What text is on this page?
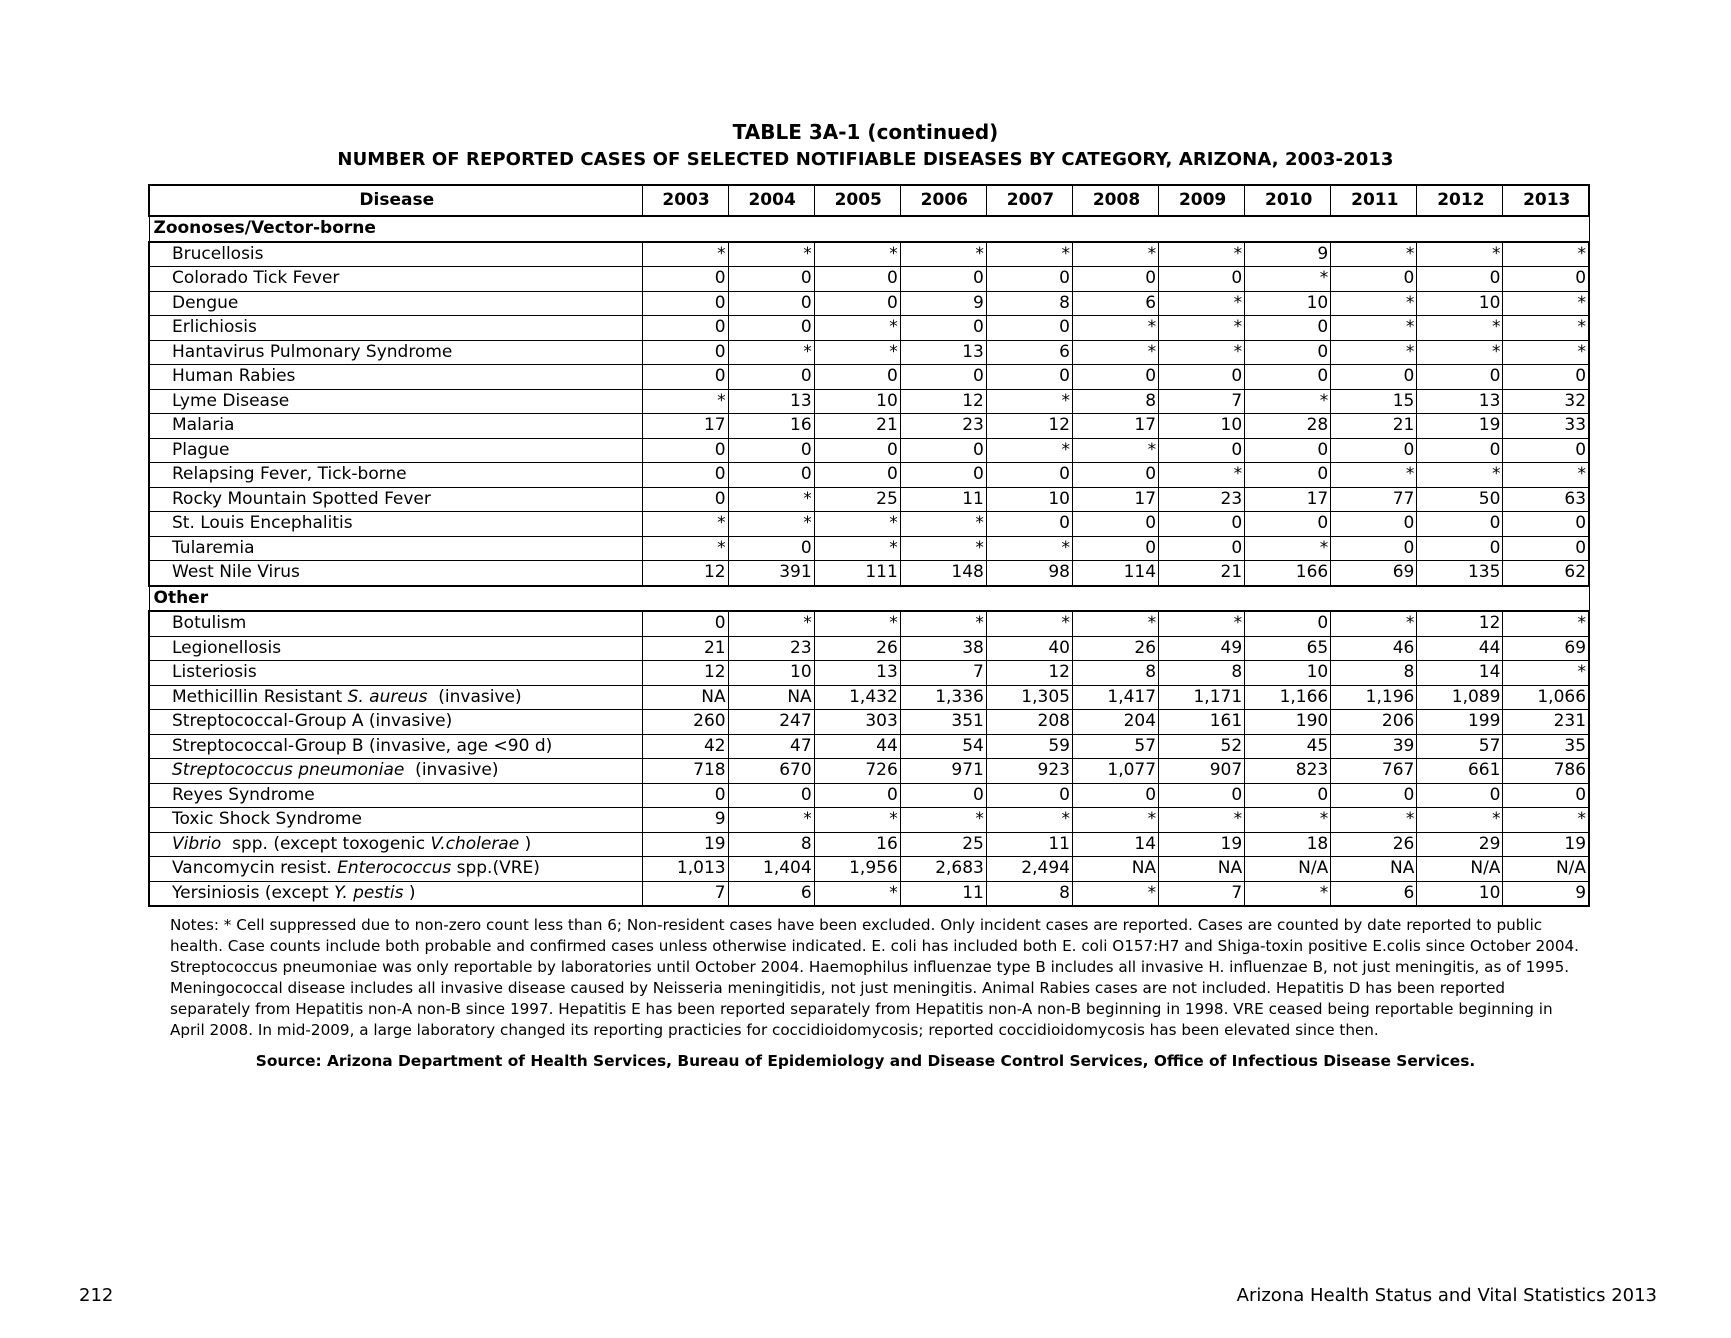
TABLE 3A-1 (continued)
NUMBER OF REPORTED CASES OF SELECTED NOTIFIABLE DISEASES BY CATEGORY, ARIZONA, 2003-2013
Disease	2003	2004	2005	2006	2007	2008	2009	2010	2011	2012	2013
Zoonoses/Vector-borne											
Brucellosis	*	*	*	*	*	*	*	9	*	*	*
Colorado Tick Fever	0	0	0	0	0	0	0	*	0	0	0
Dengue	0	0	0	9	8	6	*	10	*	10	*
Erlichiosis	0	0	*	0	0	*	*	0	*	*	*
Hantavirus Pulmonary Syndrome	0	*	*	13	6	*	*	0	*	*	*
Human Rabies	0	0	0	0	0	0	0	0	0	0	0
Lyme Disease	*	13	10	12	*	8	7	*	15	13	32
Malaria	17	16	21	23	12	17	10	28	21	19	33
Plague	0	0	0	0	*	*	0	0	0	0	0
Relapsing Fever, Tick-borne	0	0	0	0	0	0	*	0	*	*	*
Rocky Mountain Spotted Fever	0	*	25	11	10	17	23	17	77	50	63
St. Louis Encephalitis	*	*	*	*	0	0	0	0	0	0	0
Tularemia	*	0	*	*	*	0	0	*	0	0	0
West Nile Virus	12	391	111	148	98	114	21	166	69	135	62
Other											
Botulism	0	*	*	*	*	*	*	0	*	12	*
Legionellosis	21	23	26	38	40	26	49	65	46	44	69
Listeriosis	12	10	13	7	12	8	8	10	8	14	*
Methicillin Resistant S. aureus  (invasive)	NA	NA	1,432	1,336	1,305	1,417	1,171	1,166	1,196	1,089	1,066
Streptococcal-Group A (invasive)	260	247	303	351	208	204	161	190	206	199	231
Streptococcal-Group B (invasive, age <90 d)	42	47	44	54	59	57	52	45	39	57	35
Streptococcus pneumoniae  (invasive)	718	670	726	971	923	1,077	907	823	767	661	786
Reyes Syndrome	0	0	0	0	0	0	0	0	0	0	0
Toxic Shock Syndrome	9	*	*	*	*	*	*	*	*	*	*
Vibrio  spp. (except toxogenic V.cholerae )	19	8	16	25	11	14	19	18	26	29	19
Vancomycin resist. Enterococcus spp.(VRE)	1,013	1,404	1,956	2,683	2,494	NA	NA	N/A	NA	N/A	N/A
Yersiniosis (except Y. pestis )	7	6	*	11	8	*	7	*	6	10	9
Notes: * Cell suppressed due to non-zero count less than 6; Non-resident cases have been excluded. Only incident cases are reported. Cases are counted by date reported to public health. Case counts include both probable and confirmed cases unless otherwise indicated. E. coli has included both E. coli O157:H7 and Shiga-toxin positive E.colis since October 2004. Streptococcus pneumoniae was only reportable by laboratories until October 2004. Haemophilus influenzae type B includes all invasive H. influenzae B, not just meningitis, as of 1995. Meningococcal disease includes all invasive disease caused by Neisseria meningitidis, not just meningitis. Animal Rabies cases are not included. Hepatitis D has been reported separately from Hepatitis non-A non-B since 1997. Hepatitis E has been reported separately from Hepatitis non-A non-B beginning in 1998. VRE ceased being reportable beginning in April 2008. In mid-2009, a large laboratory changed its reporting practicies for coccidioidomycosis; reported coccidioidomycosis has been elevated since then.
Source: Arizona Department of Health Services, Bureau of Epidemiology and Disease Control Services, Office of Infectious Disease Services.
212	Arizona Health Status and Vital Statistics 2013
